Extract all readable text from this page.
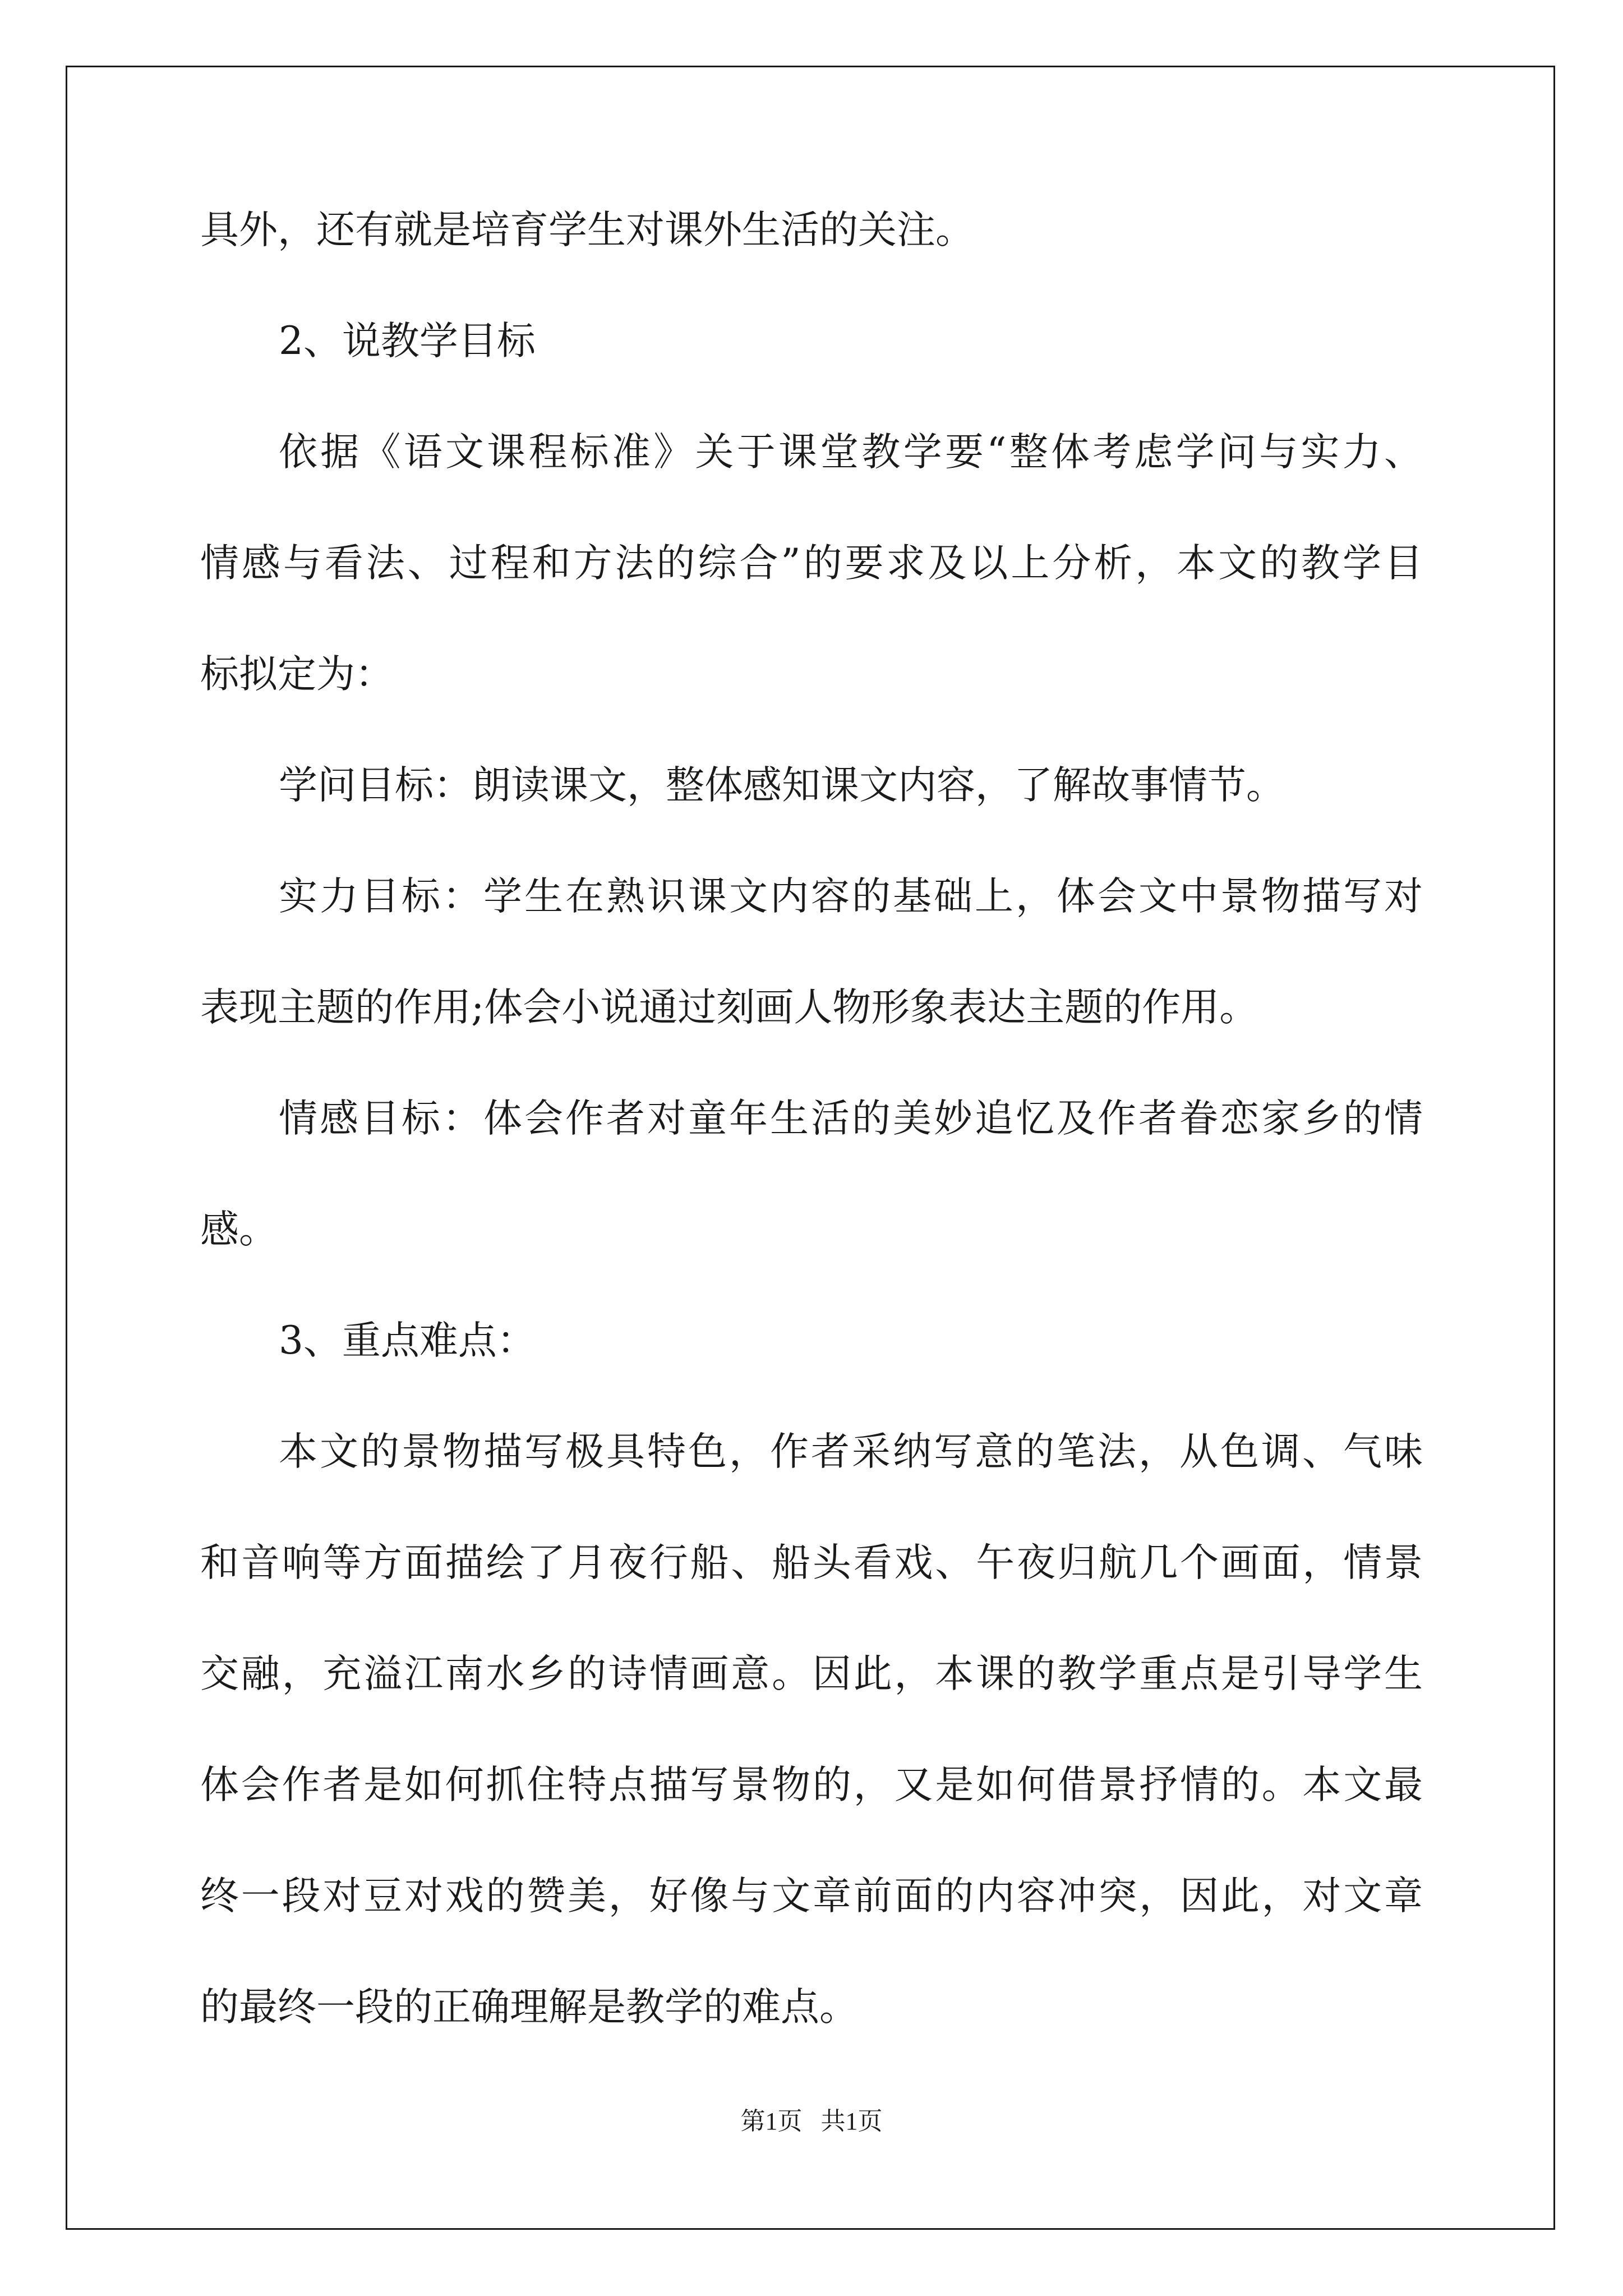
具外，还有就是培育学生对课外生活的关注。
2、说教学目标
依据《语文课程标准》关于课堂教学要“整体考虑学问与实力、
情感与看法、过程和方法的综合”的要求及以上分析，本文的教学目
标拟定为：
学问目标：朗读课文，整体感知课文内容，了解故事情节。
实力目标：学生在熟识课文内容的基础上，体会文中景物描写对
表现主题的作用;体会小说通过刻画人物形象表达主题的作用。
情感目标：体会作者对童年生活的美妙追忆及作者眷恋家乡的情
感。
3、重点难点：
本文的景物描写极具特色，作者采纳写意的笔法，从色调、气味
和音响等方面描绘了月夜行船、船头看戏、午夜归航几个画面，情景
交融，充溢江南水乡的诗情画意。因此，本课的教学重点是引导学生
体会作者是如何抓住特点描写景物的，又是如何借景抒情的。本文最
终一段对豆对戏的赞美，好像与文章前面的内容冲突，因此，对文章
的最终一段的正确理解是教学的难点。
第1页   共1页
